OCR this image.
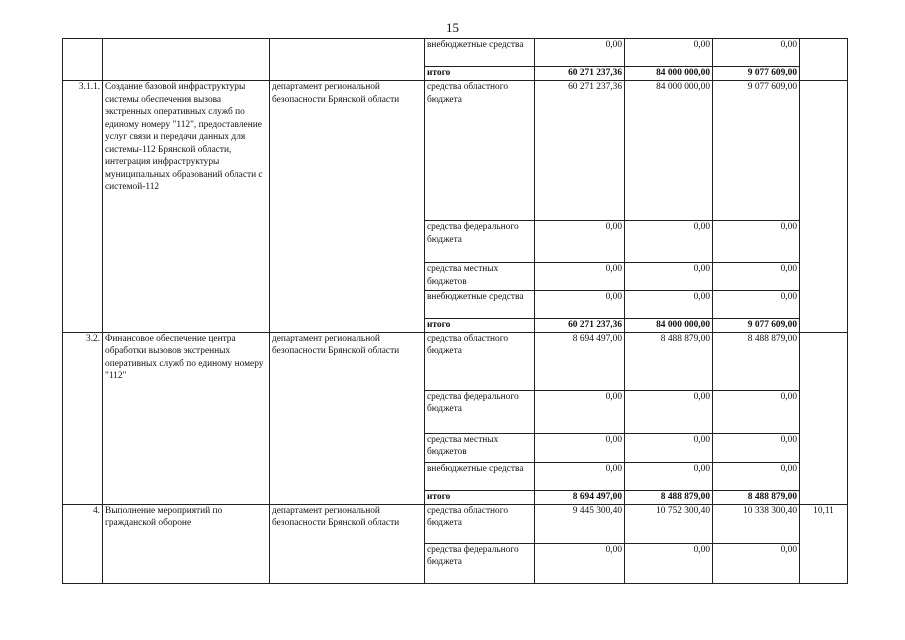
15
			внебюджетные средства	0,00	0,00	0,00	
			итого	60 271 237,36	84 000 000,00	9 077 609,00	
3.1.1.	Создание базовой инфраструктуры системы обеспечения вызова экстренных оперативных служб по единому номеру "112", предоставление услуг связи и передачи данных для системы-112 Брянской области, интеграция инфраструктуры муниципальных образований области с системой-112	департамент региональной безопасности Брянской области	средства областного бюджета	60 271 237,36	84 000 000,00	9 077 609,00	
			средства федерального бюджета	0,00	0,00	0,00	
			средства местных бюджетов	0,00	0,00	0,00	
			внебюджетные средства	0,00	0,00	0,00	
			итого	60 271 237,36	84 000 000,00	9 077 609,00	
3.2.	Финансовое обеспечение центра обработки вызовов экстренных оперативных служб по единому номеру "112"	департамент региональной безопасности Брянской области	средства областного бюджета	8 694 497,00	8 488 879,00	8 488 879,00	
			средства федерального бюджета	0,00	0,00	0,00	
			средства местных бюджетов	0,00	0,00	0,00	
			внебюджетные средства	0,00	0,00	0,00	
			итого	8 694 497,00	8 488 879,00	8 488 879,00	
4.	Выполнение мероприятий по гражданской обороне	департамент региональной безопасности Брянской области	средства областного бюджета	9 445 300,40	10 752 300,40	10 338 300,40	10,11
			средства федерального бюджета	0,00	0,00	0,00	
